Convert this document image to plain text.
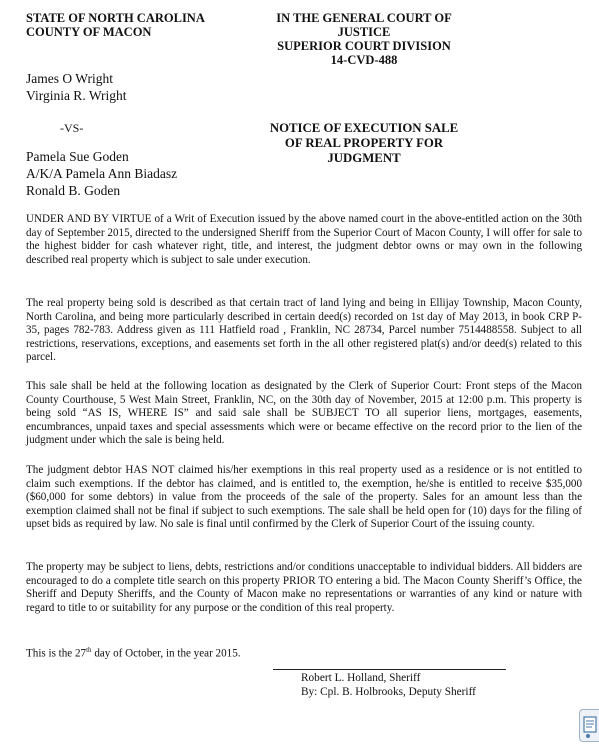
STATE OF NORTH CAROLINA
COUNTY OF MACON
IN THE GENERAL COURT OF JUSTICE
SUPERIOR COURT DIVISION
14-CVD-488
James O Wright
Virginia R. Wright
-VS-	NOTICE OF EXECUTION SALE
OF REAL PROPERTY FOR JUDGMENT
Pamela Sue Goden
A/K/A Pamela Ann Biadasz
Ronald B. Goden
UNDER AND BY VIRTUE of a Writ of Execution issued by the above named court in the above-entitled action on the 30th day of September 2015, directed to the undersigned Sheriff from the Superior Court of Macon County, I will offer for sale to the highest bidder for cash whatever right, title, and interest, the judgment debtor owns or may own in the following described real property which is subject to sale under execution.
The real property being sold is described as that certain tract of land lying and being in Ellijay Township, Macon County, North Carolina, and being more particularly described in certain deed(s) recorded on 1st day of May 2013, in book CRP P-35, pages 782-783. Address given as 111 Hatfield road , Franklin, NC 28734, Parcel number 7514488558. Subject to all restrictions, reservations, exceptions, and easements set forth in the all other registered plat(s) and/or deed(s) related to this parcel.
This sale shall be held at the following location as designated by the Clerk of Superior Court: Front steps of the Macon County Courthouse, 5 West Main Street, Franklin, NC, on the 30th day of November, 2015 at 12:00 p.m. This property is being sold “AS IS, WHERE IS” and said sale shall be SUBJECT TO all superior liens, mortgages, easements, encumbrances, unpaid taxes and special assessments which were or became effective on the record prior to the lien of the judgment under which the sale is being held.
The judgment debtor HAS NOT claimed his/her exemptions in this real property used as a residence or is not entitled to claim such exemptions. If the debtor has claimed, and is entitled to, the exemption, he/she is entitled to receive $35,000 ($60,000 for some debtors) in value from the proceeds of the sale of the property. Sales for an amount less than the exemption claimed shall not be final if subject to such exemptions. The sale shall be held open for (10) days for the filing of upset bids as required by law. No sale is final until confirmed by the Clerk of Superior Court of the issuing county.
The property may be subject to liens, debts, restrictions and/or conditions unacceptable to individual bidders. All bidders are encouraged to do a complete title search on this property PRIOR TO entering a bid. The Macon County Sheriff’s Office, the Sheriff and Deputy Sheriffs, and the County of Macon make no representations or warranties of any kind or nature with regard to title to or suitability for any purpose or the condition of this real property.
This is the 27th day of October, in the year 2015.
Robert L. Holland, Sheriff
By: Cpl. B. Holbrooks, Deputy Sheriff
